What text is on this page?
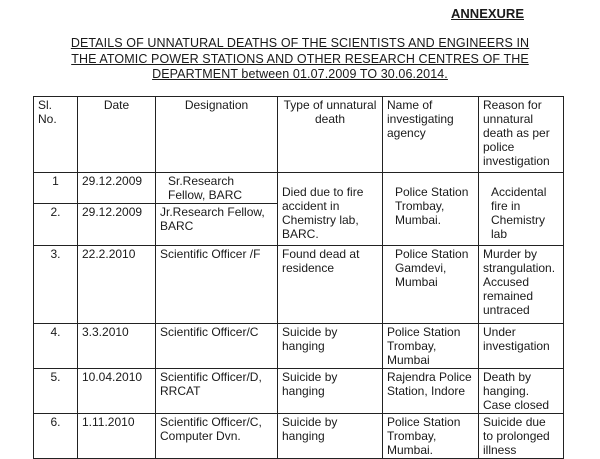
ANNEXURE
DETAILS OF UNNATURAL DEATHS OF THE SCIENTISTS AND ENGINEERS IN
THE ATOMIC POWER STATIONS AND OTHER RESEARCH CENTRES OF THE
DEPARTMENT between 01.07.2009 TO 30.06.2014.
Sl. No.	Date	Designation	Type of unnatural death	Name of investigating agency	Reason for unnatural death as per police investigation
1	29.12.2009	Sr.Research Fellow, BARC	Died due to fire accident in Chemistry lab, BARC.	Police Station Trombay, Mumbai.	Accidental fire in Chemistry lab
2.	29.12.2009	Jr.Research Fellow, BARC			
3.	22.2.2010	Scientific Officer /F	Found dead at residence	Police Station Gamdevi, Mumbai	Murder by strangulation. Accused remained untraced
4.	3.3.2010	Scientific Officer/C	Suicide by hanging	Police Station Trombay, Mumbai	Under investigation
5.	10.04.2010	Scientific Officer/D, RRCAT	Suicide by hanging	Rajendra Police Station, Indore	Death by hanging. Case closed
6.	1.11.2010	Scientific Officer/C, Computer Dvn.	Suicide by hanging	Police Station Trombay, Mumbai.	Suicide due to prolonged illness
